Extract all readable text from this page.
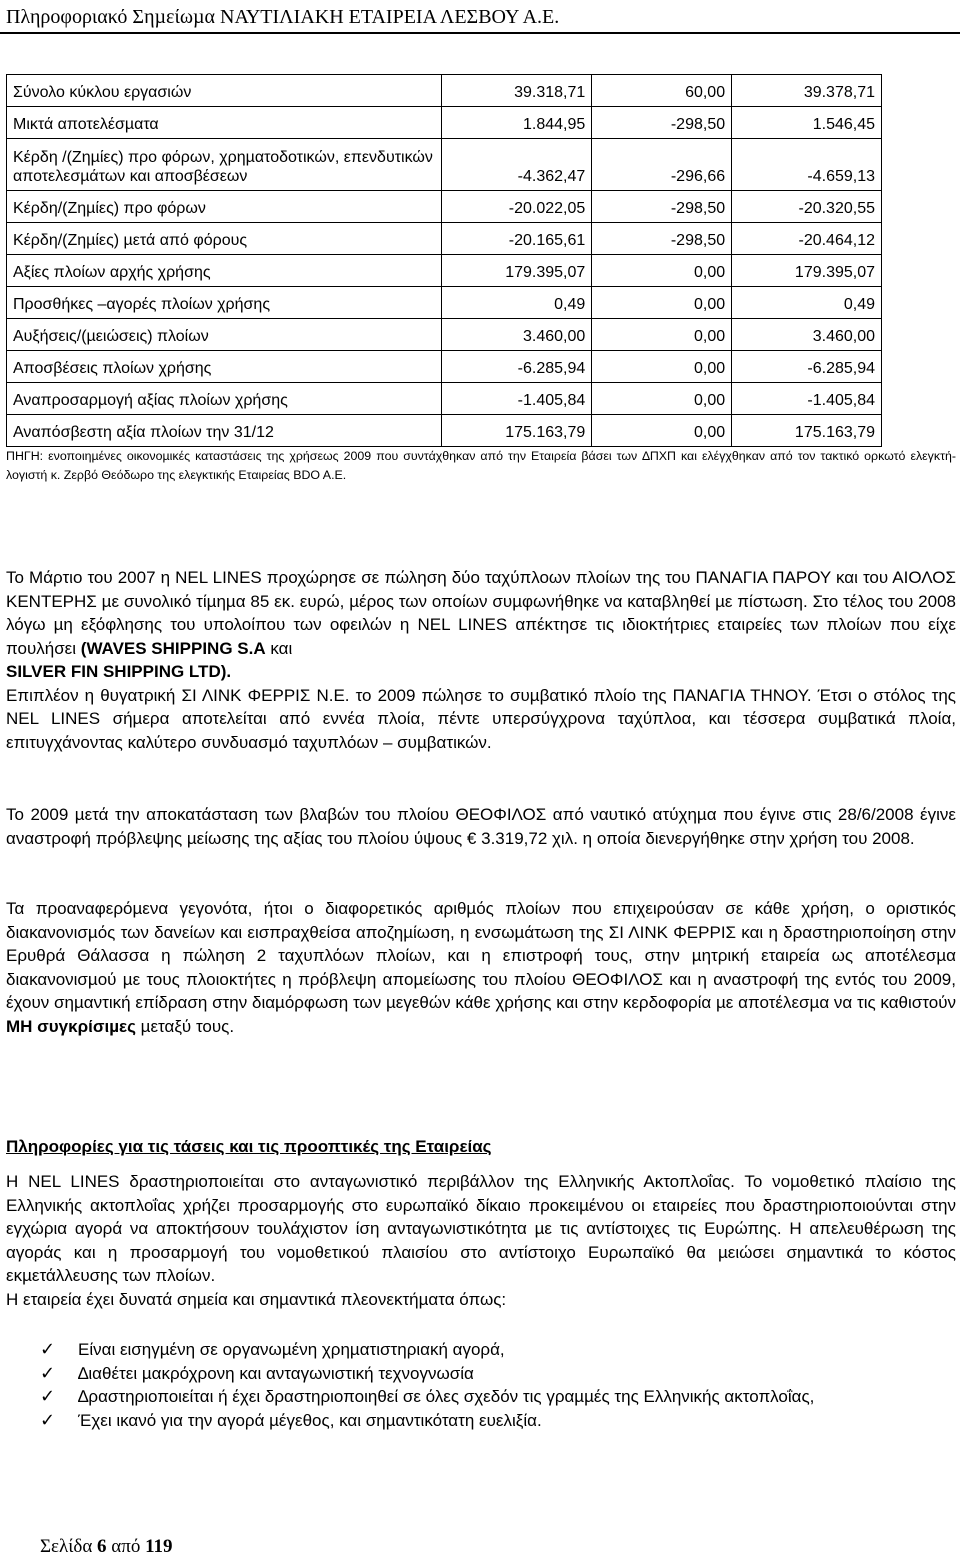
Πληροφοριακό Σηµείωµα ΝΑΥΤΙΛΙΑΚΗ ΕΤΑΙΡΕΙΑ ΛΕΣΒΟΥ Α.Ε.
Σύνολο κύκλου εργασιών	39.318,71	60,00	39.378,71
Μικτά αποτελέσµατα	1.844,95	-298,50	1.546,45
Κέρδη /(Ζηµίες) προ φόρων, χρηµατοδοτικών, επενδυτικών αποτελεσµάτων και αποσβέσεων	-4.362,47	-296,66	-4.659,13
Κέρδη/(Ζηµίες) προ φόρων	-20.022,05	-298,50	-20.320,55
Κέρδη/(Ζηµίες) µετά από φόρους	-20.165,61	-298,50	-20.464,12
Αξίες πλοίων αρχής χρήσης	179.395,07	0,00	179.395,07
Προσθήκες –αγορές πλοίων χρήσης	0,49	0,00	0,49
Αυξήσεις/(µειώσεις) πλοίων	3.460,00	0,00	3.460,00
Αποσβέσεις πλοίων χρήσης	-6.285,94	0,00	-6.285,94
Αναπροσαρµογή αξίας πλοίων χρήσης	-1.405,84	0,00	-1.405,84
Αναπόσβεστη αξία πλοίων την 31/12	175.163,79	0,00	175.163,79
ΠΗΓΗ: ενοποιηµένες οικονοµικές καταστάσεις της χρήσεως 2009 που συντάχθηκαν από την Εταιρεία βάσει των ∆ΠΧΠ και ελέγχθηκαν από τον τακτικό ορκωτό ελεγκτή-λογιστή κ. Ζερβό Θεόδωρο της ελεγκτικής Εταιρείας BDO A.E.

Το Μάρτιο του 2007 η NEL LINES προχώρησε σε πώληση δύο ταχύπλοων πλοίων της του ΠΑΝΑΓΙΑ ΠΑΡΟΥ και του ΑΙΟΛΟΣ ΚΕΝΤΕΡΗΣ µε συνολικό τίµηµα 85 εκ. ευρώ, µέρος των οποίων συµφωνήθηκε να καταβληθεί µε πίστωση. Στο τέλος του 2008 λόγω µη εξόφλησης του υπολοίπου των οφειλών η NEL LINES απέκτησε τις ιδιοκτήτριες εταιρείες των πλοίων που είχε πουλήσει (WAVES SHIPPING S.A και
SILVER FIN SHIPPING LTD).

Επιπλέον η θυγατρική ΣΙ ΛΙΝΚ ΦΕΡΡΙΣ Ν.Ε. το 2009 πώλησε το συµβατικό πλοίο της ΠΑΝΑΓΙΑ ΤΗΝΟΥ. Έτσι ο στόλος της NEL LINES σήµερα αποτελείται από εννέα πλοία, πέντε υπερσύγχρονα ταχύπλοα, και τέσσερα συµβατικά πλοία, επιτυγχάνοντας καλύτερο συνδυασµό ταχυπλόων – συµβατικών.

Το 2009 µετά την αποκατάσταση των βλαβών του πλοίου ΘΕΟΦΙΛΟΣ από ναυτικό ατύχηµα που έγινε στις 28/6/2008 έγινε αναστροφή πρόβλεψης µείωσης της αξίας του πλοίου ύψους € 3.319,72 χιλ. η οποία διενεργήθηκε στην χρήση του 2008.
Τα προαναφερόµενα γεγονότα, ήτοι ο διαφορετικός αριθµός πλοίων που επιχειρούσαν σε κάθε χρήση, ο οριστικός διακανονισµός των δανείων και εισπραχθείσα αποζηµίωση, η ενσωµάτωση της ΣΙ ΛΙΝΚ ΦΕΡΡΙΣ και η δραστηριοποίηση στην Ερυθρά Θάλασσα η πώληση 2 ταχυπλόων πλοίων, και η επιστροφή τους, στην µητρική εταιρεία ως αποτέλεσµα διακανονισµού µε τους πλοιοκτήτες η πρόβλεψη αποµείωσης του πλοίου ΘΕΟΦΙΛΟΣ και η αναστροφή της εντός του 2009, έχουν σηµαντική επίδραση στην διαµόρφωση των µεγεθών κάθε χρήσης και στην κερδοφορία µε αποτέλεσµα να τις καθιστούν ΜΗ συγκρίσιµες µεταξύ τους.
Πληροφορίες για τις τάσεις και τις προοπτικές της Εταιρείας

Η NEL LINES δραστηριοποιείται στο ανταγωνιστικό περιβάλλον της Ελληνικής Ακτοπλοΐας. Το νοµοθετικό πλαίσιο της Ελληνικής ακτοπλοΐας χρήζει προσαρµογής στο ευρωπαϊκό δίκαιο προκειµένου οι εταιρείες που δραστηριοποιούνται στην εγχώρια αγορά να αποκτήσουν τουλάχιστον ίση ανταγωνιστικότητα µε τις αντίστοιχες τις Ευρώπης. Η απελευθέρωση της αγοράς και η προσαρµογή του νοµοθετικού πλαισίου στο αντίστοιχο Ευρωπαϊκό θα µειώσει σηµαντικά το κόστος εκµετάλλευσης των πλοίων.

Η εταιρεία έχει δυνατά σηµεία και σηµαντικά πλεονεκτήµατα όπως:

✓ Είναι εισηγµένη σε οργανωµένη χρηµατιστηριακή αγορά,
✓ ∆ιαθέτει µακρόχρονη και ανταγωνιστική τεχνογνωσία
✓ ∆ραστηριοποιείται ή έχει δραστηριοποιηθεί σε όλες σχεδόν τις γραµµές της Ελληνικής ακτοπλοΐας,
✓ Έχει ικανό για την αγορά µέγεθος, και σηµαντικότατη ευελιξία.
Σελίδα 6 από 119
